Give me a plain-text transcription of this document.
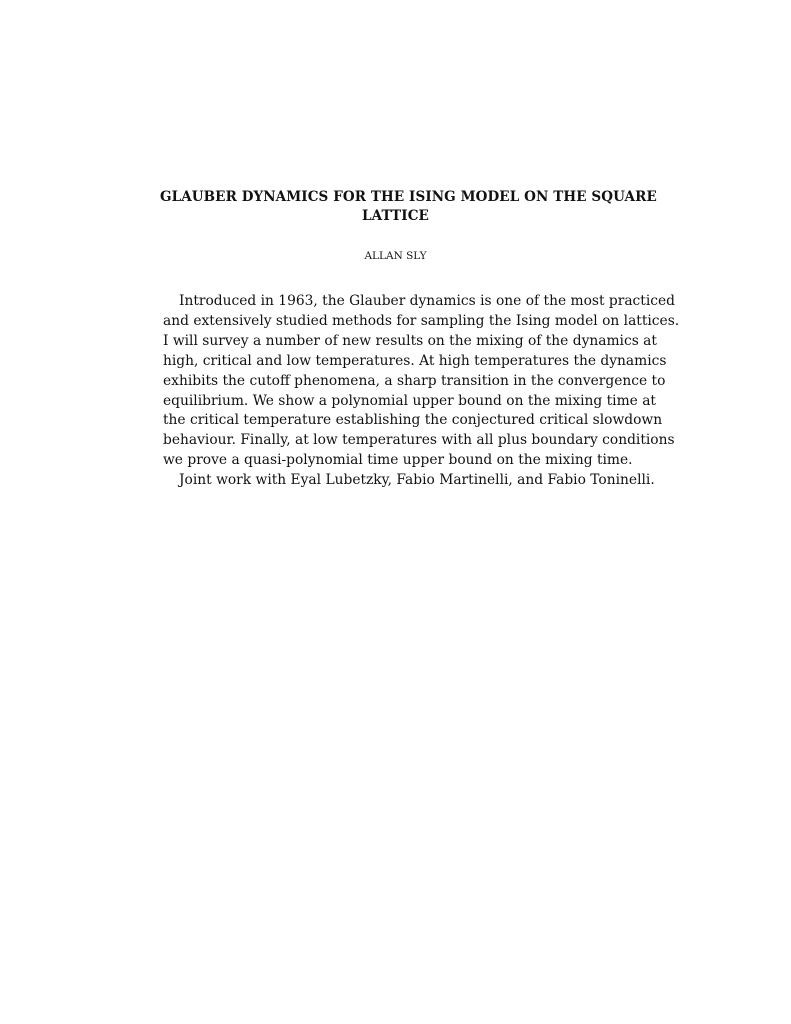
GLAUBER DYNAMICS FOR THE ISING MODEL ON THE SQUARE
LATTICE
ALLAN SLY
Introduced in 1963, the Glauber dynamics is one of the most practiced
and extensively studied methods for sampling the Ising model on lattices.
I will survey a number of new results on the mixing of the dynamics at
high, critical and low temperatures. At high temperatures the dynamics
exhibits the cutoff phenomena, a sharp transition in the convergence to
equilibrium. We show a polynomial upper bound on the mixing time at
the critical temperature establishing the conjectured critical slowdown
behaviour. Finally, at low temperatures with all plus boundary conditions
we prove a quasi-polynomial time upper bound on the mixing time.
Joint work with Eyal Lubetzky, Fabio Martinelli, and Fabio Toninelli.
